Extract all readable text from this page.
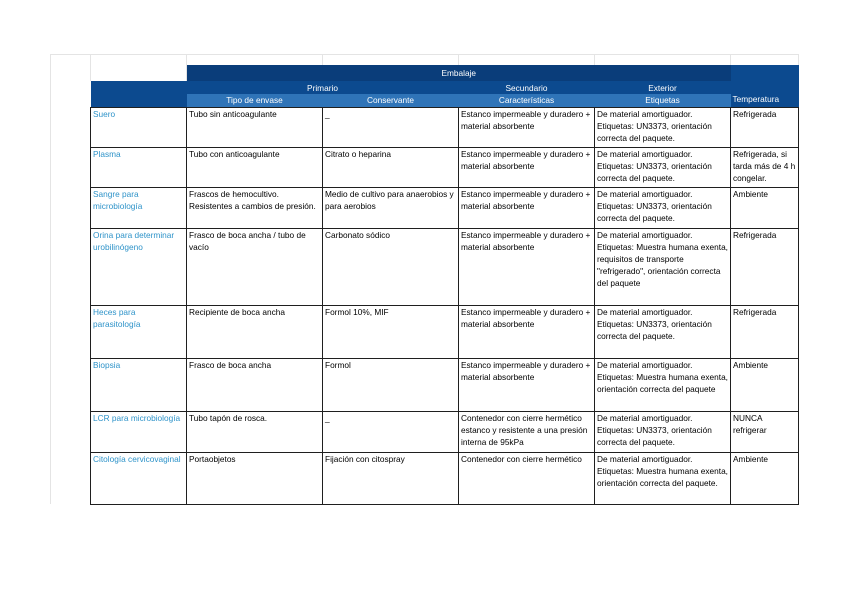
		Embalaje				Temperatura

		Primario		Secundario	Exterior	
		Tipo de envase	Conservante	Características	Etiquetas	
	Suero	Tubo sin anticoagulante	_	Estanco impermeable y duradero + material absorbente	De material amortiguador. Etiquetas: UN3373, orientación correcta del paquete.	Refrigerada
	Plasma	Tubo con anticoagulante	Citrato o heparina	Estanco impermeable y duradero + material absorbente	De material amortiguador. Etiquetas: UN3373, orientación correcta del paquete.	Refrigerada, si tarda más de 4 h congelar.
	Sangre para microbiología	Frascos de hemocultivo. Resistentes a cambios de presión.	Medio de cultivo para anaerobios y para aerobios	Estanco impermeable y duradero + material absorbente	De material amortiguador. Etiquetas: UN3373, orientación correcta del paquete.	Ambiente
	Orina para determinar urobilinógeno	Frasco de boca ancha / tubo de vacío	Carbonato sódico	Estanco impermeable y duradero + material absorbente	De material amortiguador. Etiquetas: Muestra humana exenta, requisitos de transporte "refrigerado", orientación correcta del paquete	Refrigerada
	Heces para parasitología	Recipiente de boca ancha	Formol 10%, MIF	Estanco impermeable y duradero + material absorbente	De material amortiguador. Etiquetas: UN3373, orientación correcta del paquete.	Refrigerada
	Biopsia	Frasco de boca ancha	Formol	Estanco impermeable y duradero + material absorbente	De material amortiguador. Etiquetas: Muestra humana exenta, orientación correcta del paquete	Ambiente
	LCR para microbiología	Tubo tapón de rosca.	_	Contenedor con cierre hermético estanco y resistente a una presión interna de 95kPa	De material amortiguador. Etiquetas: UN3373, orientación correcta del paquete.	NUNCA refrigerar
	Citología cervicovaginal	Portaobjetos	Fijación con citospray	Contenedor con cierre hermético	De material amortiguador. Etiquetas: Muestra humana exenta, orientación correcta del paquete.	Ambiente
